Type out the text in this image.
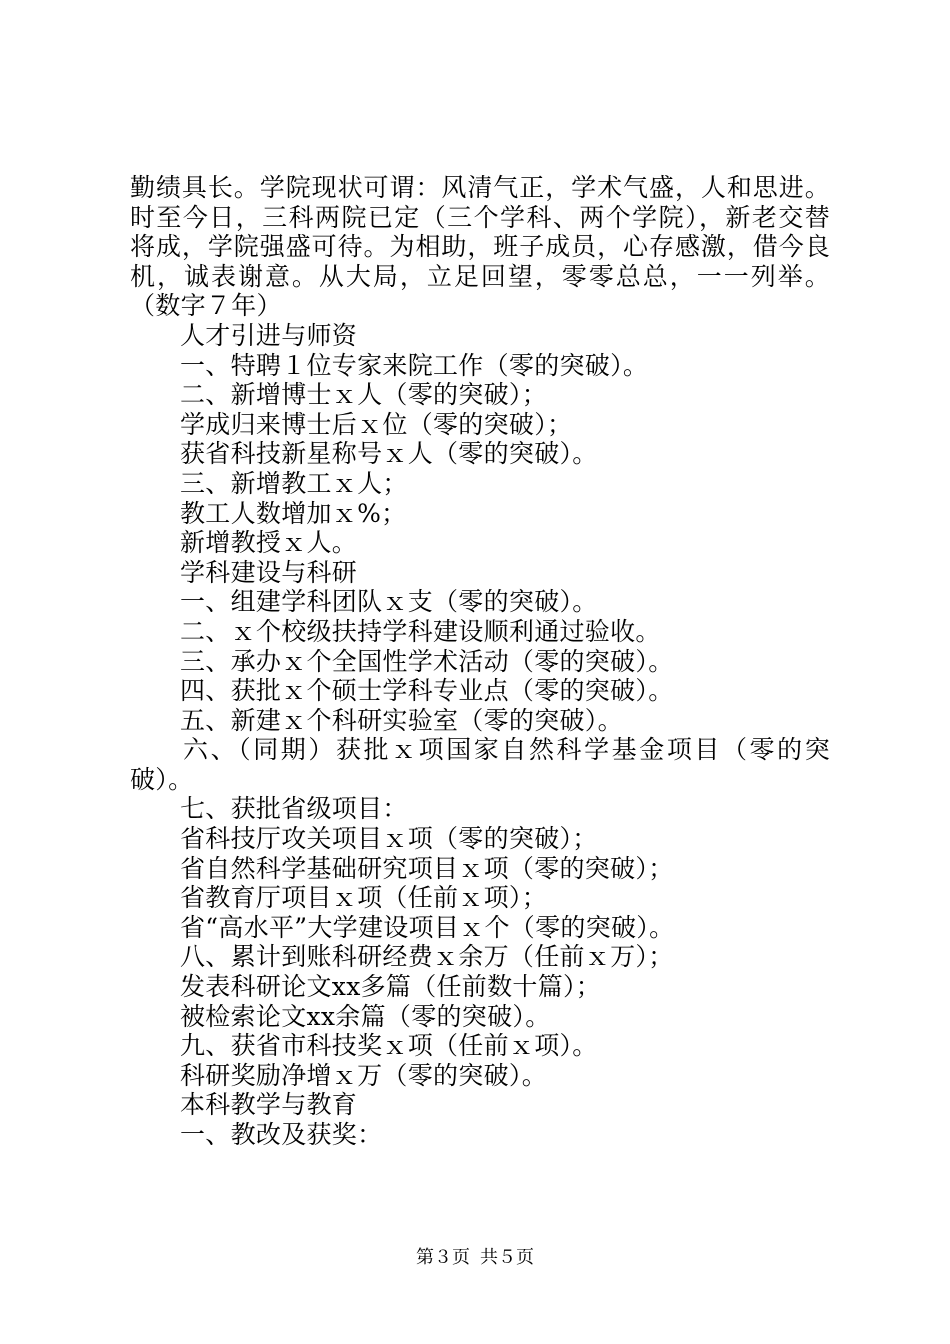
勤绩具长。学院现状可谓：风清气正，学术气盛，人和思进。

时至今日，三科两院已定（三个学科、两个学院），新老交替

将成，学院强盛可待。为相助，班子成员，心存感激，借今良

机，诚表谢意。从大局，立足回望，零零总总，一一列举。

（数字７年）

人才引进与师资

一、特聘１位专家来院工作（零的突破）。

二、新增博士ｘ人（零的突破）；

学成归来博士后ｘ位（零的突破）；

获省科技新星称号ｘ人（零的突破）。

三、新增教工ｘ人；

教工人数增加ｘ%；

新增教授ｘ人。

学科建设与科研

一、组建学科团队ｘ支（零的突破）。

二、ｘ个校级扶持学科建设顺利通过验收。

三、承办ｘ个全国性学术活动（零的突破）。

四、获批ｘ个硕士学科专业点（零的突破）。

五、新建ｘ个科研实验室（零的突破）。

六、（同期）获批ｘ项国家自然科学基金项目（零的突

破）。

七、获批省级项目：

省科技厅攻关项目ｘ项（零的突破）；

省自然科学基础研究项目ｘ项（零的突破）；

省教育厅项目ｘ项（任前ｘ项）；

省“高水平”大学建设项目ｘ个（零的突破）。

八、累计到账科研经费ｘ余万（任前ｘ万）；

发表科研论文xx多篇（任前数十篇）；

被检索论文xx余篇（零的突破）。

九、获省市科技奖ｘ项（任前ｘ项）。

科研奖励净增ｘ万（零的突破）。

本科教学与教育

一、教改及获奖：

第３页 共５页
